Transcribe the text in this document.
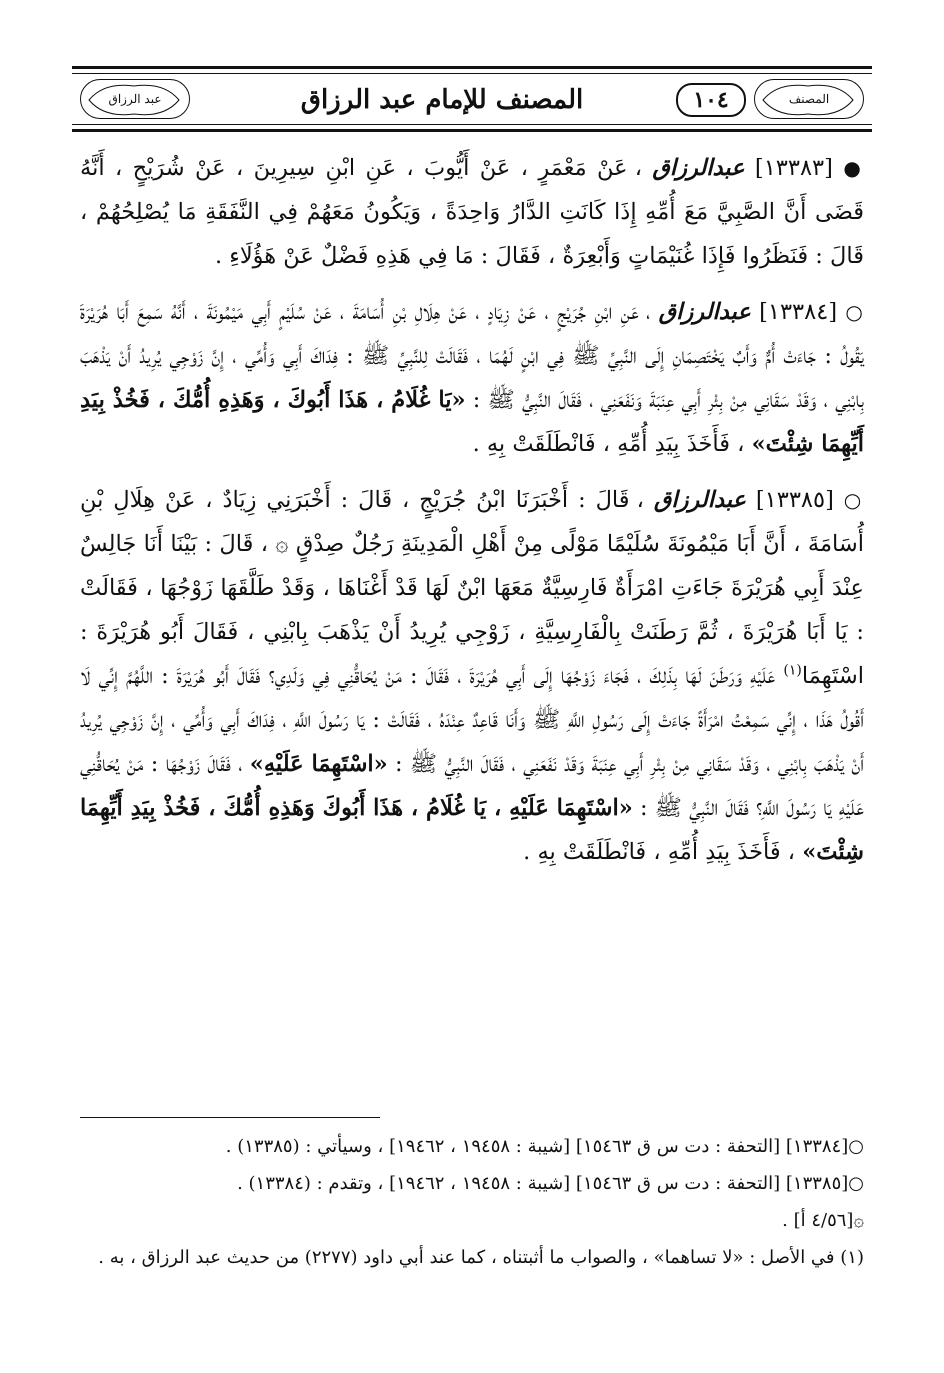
المصنف
١٠٤
المصنف للإمام عبد الرزاق
عبد الرزاق

● [١٣٣٨٣] عبدالرزاق ، عَنْ مَعْمَرٍ ، عَنْ أَيُّوبَ ، عَنِ ابْنِ سِيرِينَ ، عَنْ شُرَيْحٍ ، أَنَّهُ قَضَى أَنَّ الصَّبِيَّ مَعَ أُمِّهِ إِذَا كَانَتِ الدَّارُ وَاحِدَةً ، وَيَكُونُ مَعَهُمْ فِي النَّفَقَةِ مَا يُصْلِحُهُمْ ، قَالَ : فَنَظَرُوا فَإِذَا غُنَيْمَاتٍ وَأَبْعِرَةٌ ، فَقَالَ : مَا فِي هَذِهِ فَضْلٌ عَنْ هَؤُلَاءِ .

○ [١٣٣٨٤] عبدالرزاق ، عَنِ ابْنِ جُرَيْجٍ ، عَنْ زِيَادٍ ، عَنْ هِلَالِ بْنِ أُسَامَةَ ، عَنْ سُلَيْمٍ أَبِي مَيْمُونَةَ ، أَنَّهُ سَمِعَ أَبَا هُرَيْرَةَ يَقُولُ : جَاءَتْ أُمٌّ وَأَبٌ يَخْتَصِمَانِ إِلَى النَّبِيِّ ﷺ فِي ابْنٍ لَهُمَا ، فَقَالَتْ لِلنَّبِيِّ ﷺ : فِدَاكَ أَبِي وَأُمِّي ، إِنَّ زَوْجِي يُرِيدُ أَنْ يَذْهَبَ بِابْنِي ، وَقَدْ سَقَانِي مِنْ بِئْرِ أَبِي عِنَبَةَ وَنَفَعَنِي ، فَقَالَ النَّبِيُّ ﷺ : «يَا غُلَامُ ، هَذَا أَبُوكَ ، وَهَذِهِ أُمُّكَ ، فَخُذْ بِيَدِ أَيِّهِمَا شِئْتَ» ، فَأَخَذَ بِيَدِ أُمِّهِ ، فَانْطَلَقَتْ بِهِ .

○ [١٣٣٨٥] عبدالرزاق ، قَالَ : أَخْبَرَنَا ابْنُ جُرَيْجٍ ، قَالَ : أَخْبَرَنِي زِيَادٌ ، عَنْ هِلَالِ بْنِ أُسَامَةَ ، أَنَّ أَبَا مَيْمُونَةَ سُلَيْمًا مَوْلًى مِنْ أَهْلِ الْمَدِينَةِ رَجُلٌ صِدْقٍ ۞ ، قَالَ : بَيْنَا أَنَا جَالِسٌ عِنْدَ أَبِي هُرَيْرَةَ جَاءَتِ امْرَأَةٌ فَارِسِيَّةٌ مَعَهَا ابْنٌ لَهَا قَدْ أَغْنَاهَا ، وَقَدْ طَلَّقَهَا زَوْجُهَا ، فَقَالَتْ : يَا أَبَا هُرَيْرَةَ ، ثُمَّ رَطَنَتْ بِالْفَارِسِيَّةِ ، زَوْجِي يُرِيدُ أَنْ يَذْهَبَ بِابْنِي ، فَقَالَ أَبُو هُرَيْرَةَ : اسْتَهِمَا$^{(١)}$ عَلَيْهِ وَرَطَنَ لَهَا بِذَلِكَ ، فَجَاءَ زَوْجُهَا إِلَى أَبِي هُرَيْرَةَ ، فَقَالَ : مَنْ يُحَاقُّنِي فِي وَلَدِي؟ فَقَالَ أَبُو هُرَيْرَةَ : اللَّهُمَّ إِنِّي لَا أَقُولُ هَذَا ، إِنِّي سَمِعْتُ امْرَأَةً جَاءَتْ إِلَى رَسُولِ اللَّهِ ﷺ وَأَنَا قَاعِدٌ عِنْدَهُ ، فَقَالَتْ : يَا رَسُولَ اللَّهِ ، فِدَاكَ أَبِي وَأُمِّي ، إِنَّ زَوْجِي يُرِيدُ أَنْ يَذْهَبَ بِابْنِي ، وَقَدْ سَقَانِي مِنْ بِئْرِ أَبِي عِنَبَةَ وَقَدْ نَفَعَنِي ، فَقَالَ النَّبِيُّ ﷺ : «اسْتَهِمَا عَلَيْهِ» ، فَقَالَ زَوْجُهَا : مَنْ يُحَاقُّنِي عَلَيْهِ يَا رَسُولَ اللَّهِ؟ فَقَالَ النَّبِيُّ ﷺ : «اسْتَهِمَا عَلَيْهِ ، يَا غُلَامُ ، هَذَا أَبُوكَ وَهَذِهِ أُمُّكَ ، فَخُذْ بِيَدِ أَيِّهِمَا شِئْتَ» ، فَأَخَذَ بِيَدِ أُمِّهِ ، فَانْطَلَقَتْ بِهِ .

○[١٣٣٨٤] [التحفة : دت س ق ١٥٤٦٣] [شيبة : ١٩٤٥٨ ، ١٩٤٦٢] ، وسيأتي : (١٣٣٨٥) .

○[١٣٣٨٥] [التحفة : دت س ق ١٥٤٦٣] [شيبة : ١٩٤٥٨ ، ١٩٤٦٢] ، وتقدم : (١٣٣٨٤) .

۞[٤/٥٦ أ] .

(١) في الأصل : «لا تساهما» ، والصواب ما أثبتناه ، كما عند أبي داود (٢٢٧٧) من حديث عبد الرزاق ، به .
